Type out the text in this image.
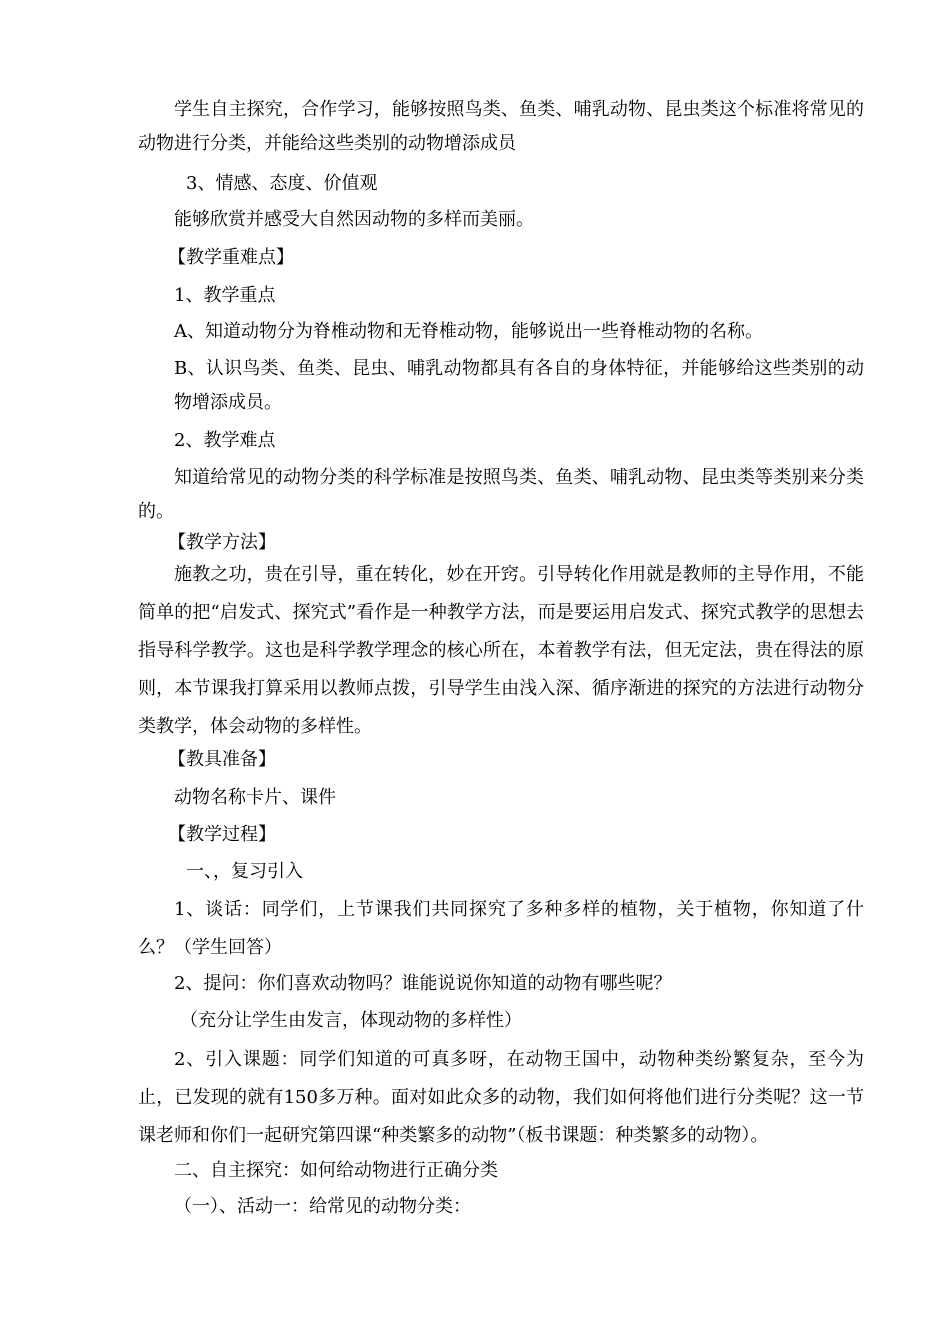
学生自主探究，合作学习，能够按照鸟类、鱼类、哺乳动物、昆虫类这个标准将常见的动物进行分类，并能给这些类别的动物增添成员

3、情感、态度、价值观

能够欣赏并感受大自然因动物的多样而美丽。

【教学重难点】

1、教学重点

A、知道动物分为脊椎动物和无脊椎动物，能够说出一些脊椎动物的名称。

B、认识鸟类、鱼类、昆虫、哺乳动物都具有各自的身体特征，并能够给这些类别的动物增添成员。

2、教学难点

知道给常见的动物分类的科学标准是按照鸟类、鱼类、哺乳动物、昆虫类等类别来分类的。

【教学方法】

施教之功，贵在引导，重在转化，妙在开窍。引导转化作用就是教师的主导作用，不能简单的把“启发式、探究式”看作是一种教学方法，而是要运用启发式、探究式教学的思想去指导科学教学。这也是科学教学理念的核心所在，本着教学有法，但无定法，贵在得法的原则，本节课我打算采用以教师点拨，引导学生由浅入深、循序渐进的探究的方法进行动物分类教学，体会动物的多样性。

【教具准备】

动物名称卡片、课件

【教学过程】

一、，复习引入

1、谈话：同学们，上节课我们共同探究了多种多样的植物，关于植物，你知道了什么？（学生回答）

2、提问：你们喜欢动物吗？谁能说说你知道的动物有哪些呢？

（充分让学生由发言，体现动物的多样性）

2、引入课题：同学们知道的可真多呀，在动物王国中，动物种类纷繁复杂，至今为止，已发现的就有150多万种。面对如此众多的动物，我们如何将他们进行分类呢？这一节课老师和你们一起研究第四课“种类繁多的动物”（板书课题：种类繁多的动物）。

二、自主探究：如何给动物进行正确分类

（一）、活动一：给常见的动物分类：
